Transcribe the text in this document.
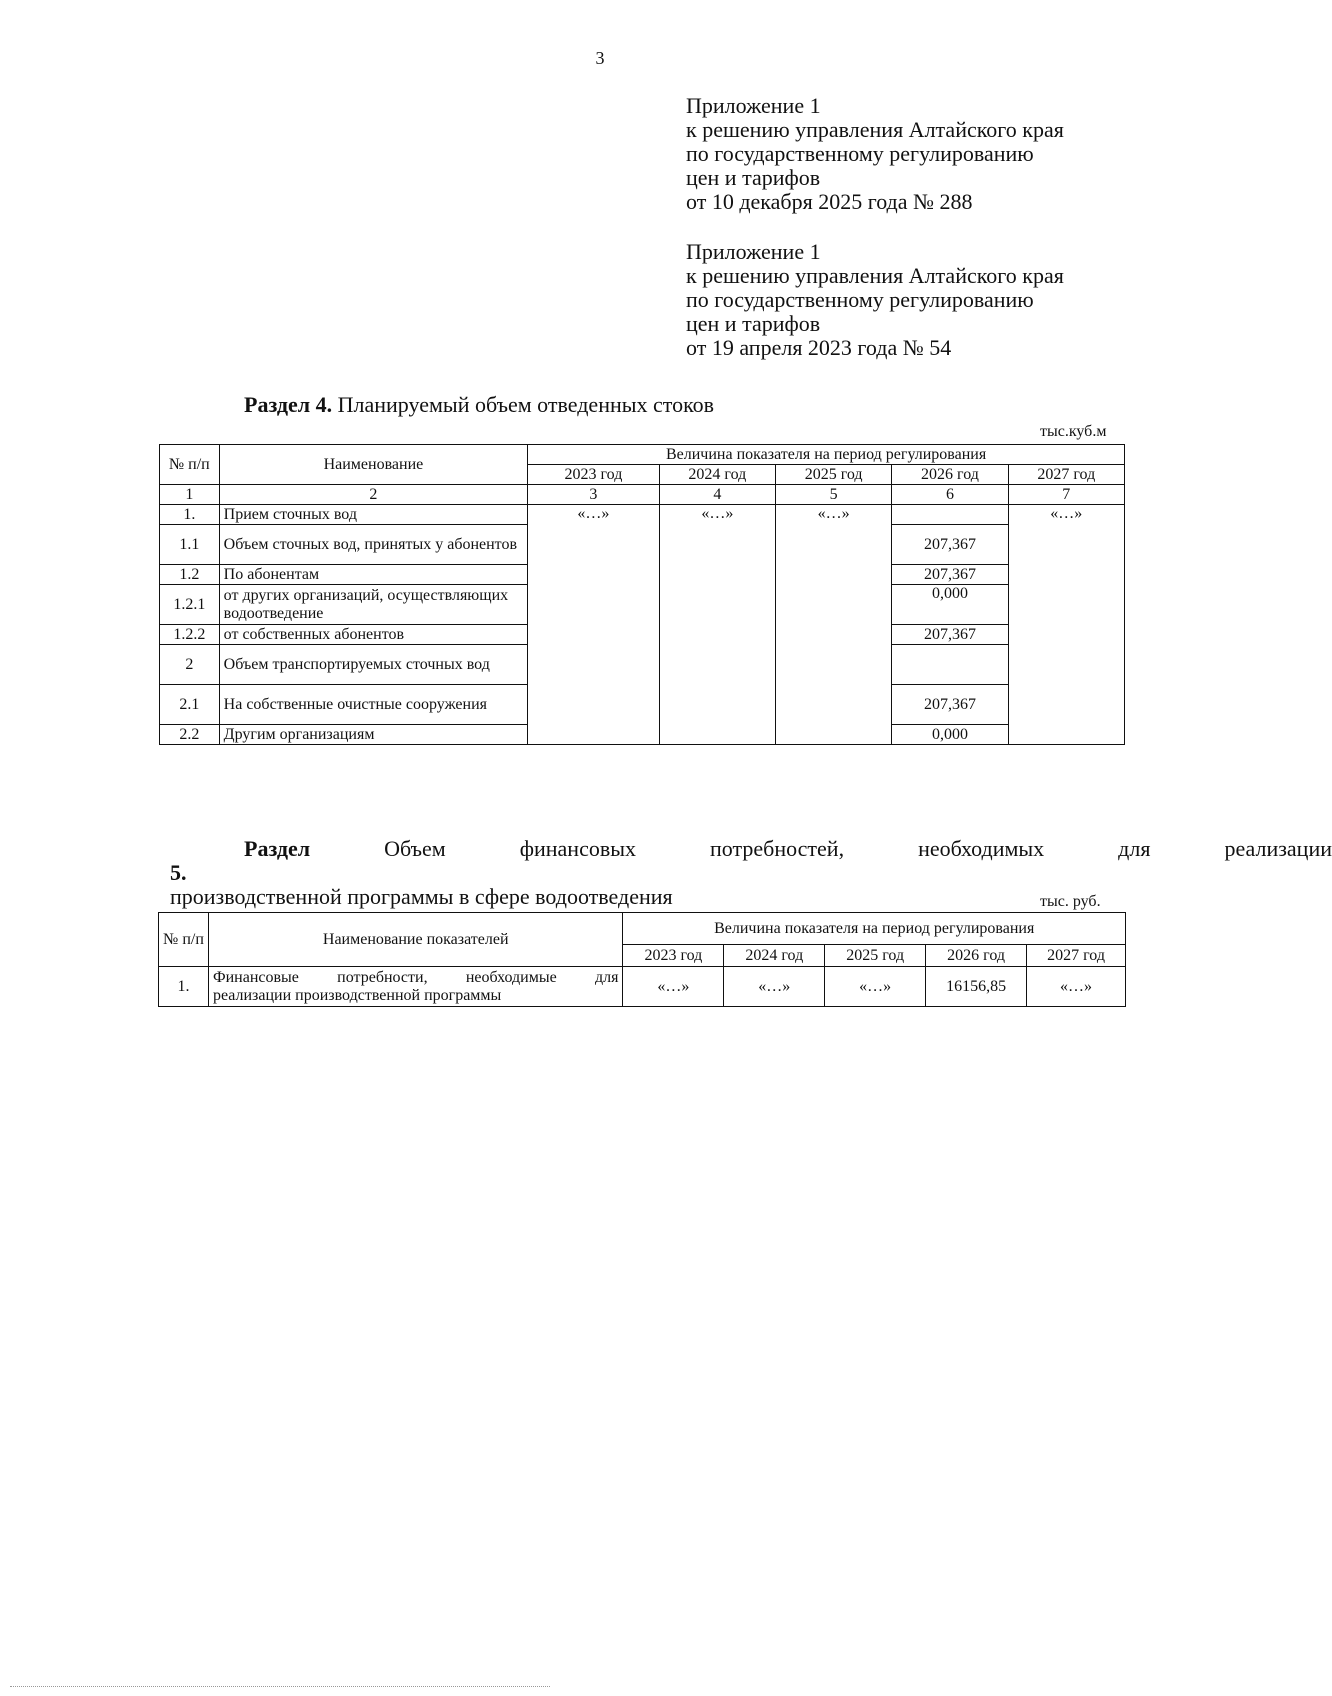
3
Приложение 1
к решению управления Алтайского края
по государственному регулированию
цен и тарифов
от 10 декабря 2025 года № 288
Приложение 1
к решению управления Алтайского края
по государственному регулированию
цен и тарифов
от 19 апреля 2023 года № 54
Раздел 4. Планируемый объем отведенных стоков
тыс.куб.м
№ п/п	Наименование	Величина показателя на период регулирования				
		2023 год	2024 год	2025 год	2026 год	2027 год
1	2	3	4	5	6	7
1.	Прием сточных вод	«…»	«…»	«…»		«…»
1.1	Объем сточных вод, принятых у абонентов				207,367	
1.2	По абонентам				207,367	
1.2.1	от других организаций, осуществляющих водоотведение				0,000	
1.2.2	от собственных абонентов				207,367	
2	Объем транспортируемых сточных вод					
2.1	На собственные очистные сооружения				207,367	
2.2	Другим организациям				0,000	
Раздел 5.
Объем	финансовых	потребностей,	необходимых	для	реализации
производственной программы в сфере водоотведения	тыс. руб.
№ п/п	Наименование показателей	Величина показателя на период регулирования				
		2023 год	2024 год	2025 год	2026 год	2027 год
1.	Финансовые потребности, необходимые для
реализации производственной программы	«…»	«…»	«…»	16156,85	«…»
